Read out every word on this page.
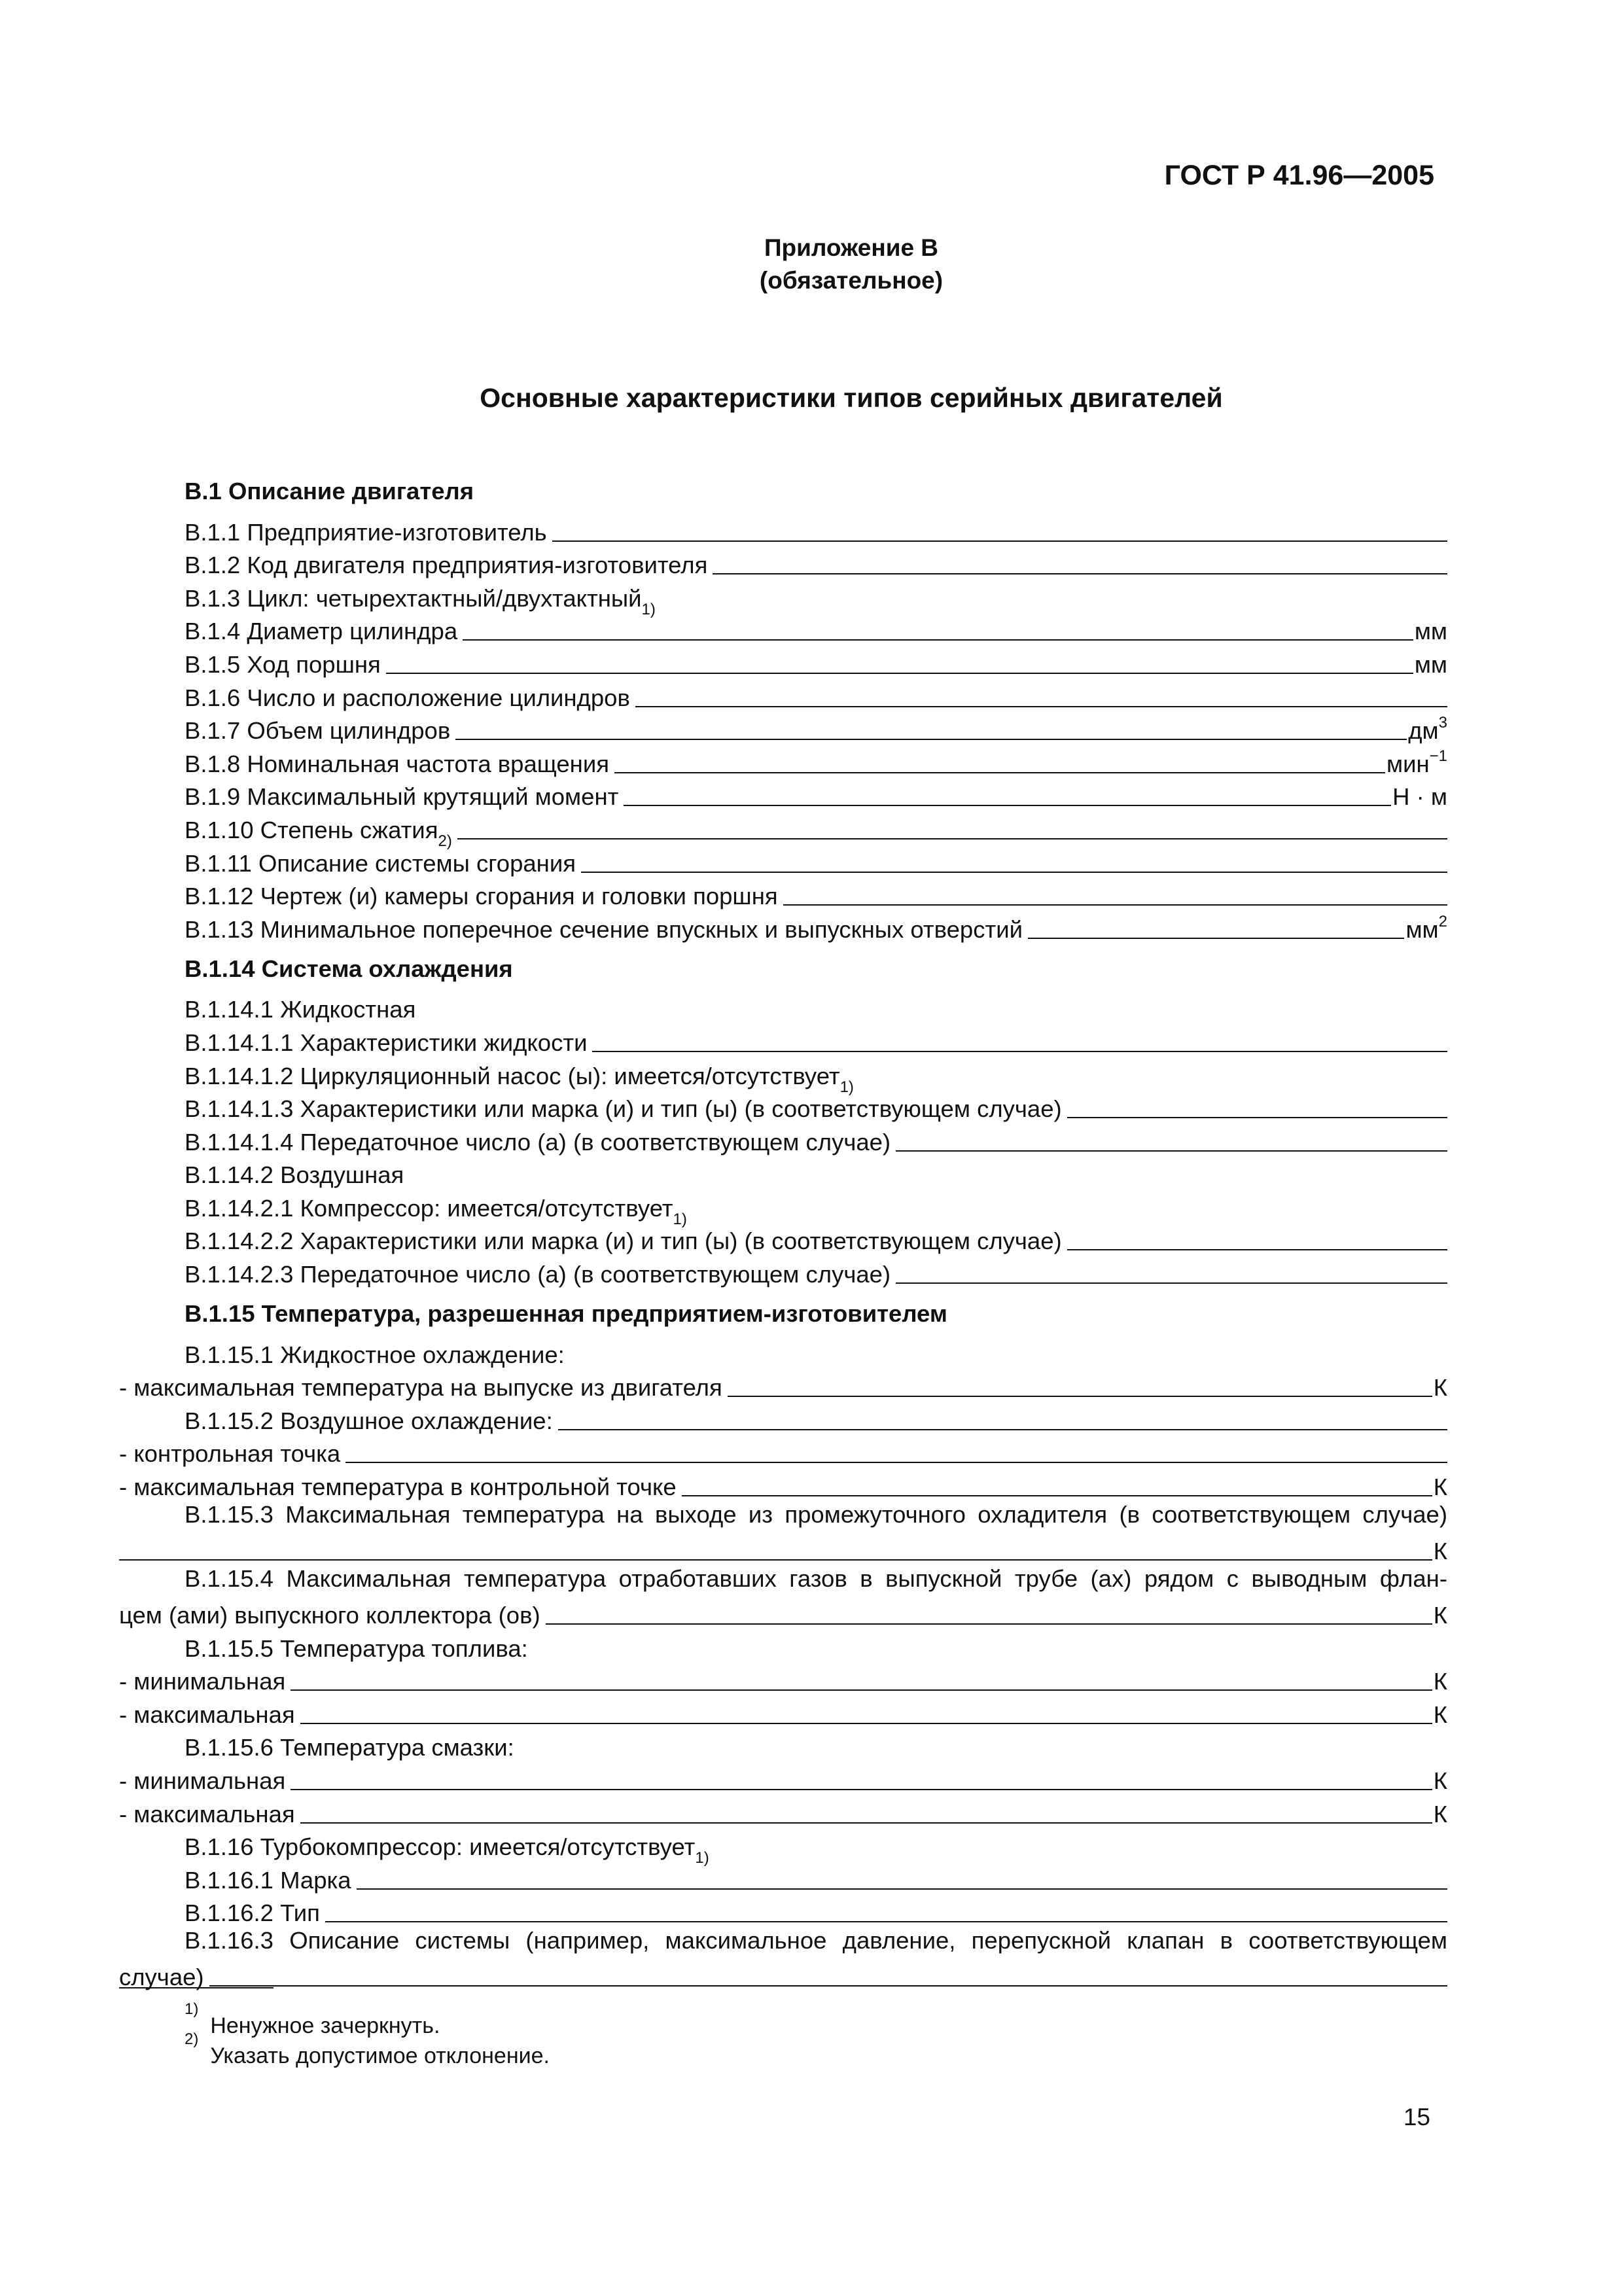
ГОСТ Р 41.96—2005
Приложение В
(обязательное)
Основные характеристики типов серийных двигателей
В.1 Описание двигателя
В.1.1 Предприятие-изготовитель
В.1.2 Код двигателя предприятия-изготовителя
В.1.3 Цикл: четырехтактный/двухтактный$^{1)}$
В.1.4 Диаметр цилиндра	мм
В.1.5 Ход поршня	мм
В.1.6 Число и расположение цилиндров
В.1.7 Объем цилиндров	$дм^3$
В.1.8 Номинальная частота вращения	мин$^{-1}$
В.1.9 Максимальный крутящий момент	Н · м
В.1.10 Степень сжатия$^{2)}$
В.1.11 Описание системы сгорания
В.1.12 Чертеж (и) камеры сгорания и головки поршня
В.1.13 Минимальное поперечное сечение впускных и выпускных отверстий	$мм^2$
В.1.14 Система охлаждения
В.1.14.1 Жидкостная
В.1.14.1.1 Характеристики жидкости
В.1.14.1.2 Циркуляционный насос (ы): имеется/отсутствует$^{1)}$
В.1.14.1.3 Характеристики или марка (и) и тип (ы) (в соответствующем случае)
В.1.14.1.4 Передаточное число (а) (в соответствующем случае)
В.1.14.2 Воздушная
В.1.14.2.1 Компрессор: имеется/отсутствует$^{1)}$
В.1.14.2.2 Характеристики или марка (и) и тип (ы) (в соответствующем случае)
В.1.14.2.3 Передаточное число (а) (в соответствующем случае)
В.1.15 Температура, разрешенная предприятием-изготовителем
В.1.15.1 Жидкостное охлаждение:
- максимальная температура на выпуске из двигателя	К
В.1.15.2 Воздушное охлаждение:
- контрольная точка
- максимальная температура в контрольной точке	К
В.1.15.3 Максимальная температура на выходе из промежуточного охладителя (в соответствующем случае)
К
В.1.15.4 Максимальная температура отработавших газов в выпускной трубе (ах) рядом с выводным флан-
цем (ами) выпускного коллектора (ов)	К
В.1.15.5 Температура топлива:
- минимальная	К
- максимальная	К
В.1.15.6 Температура смазки:
- минимальная	К
- максимальная	К
В.1.16 Турбокомпрессор: имеется/отсутствует$^{1)}$
В.1.16.1 Марка
В.1.16.2 Тип
В.1.16.3 Описание системы (например, максимальное давление, перепускной клапан в соответствующем
случае)
$^{1)}$
Ненужное зачеркнуть.
$^{2)}$
Указать допустимое отклонение.
15
